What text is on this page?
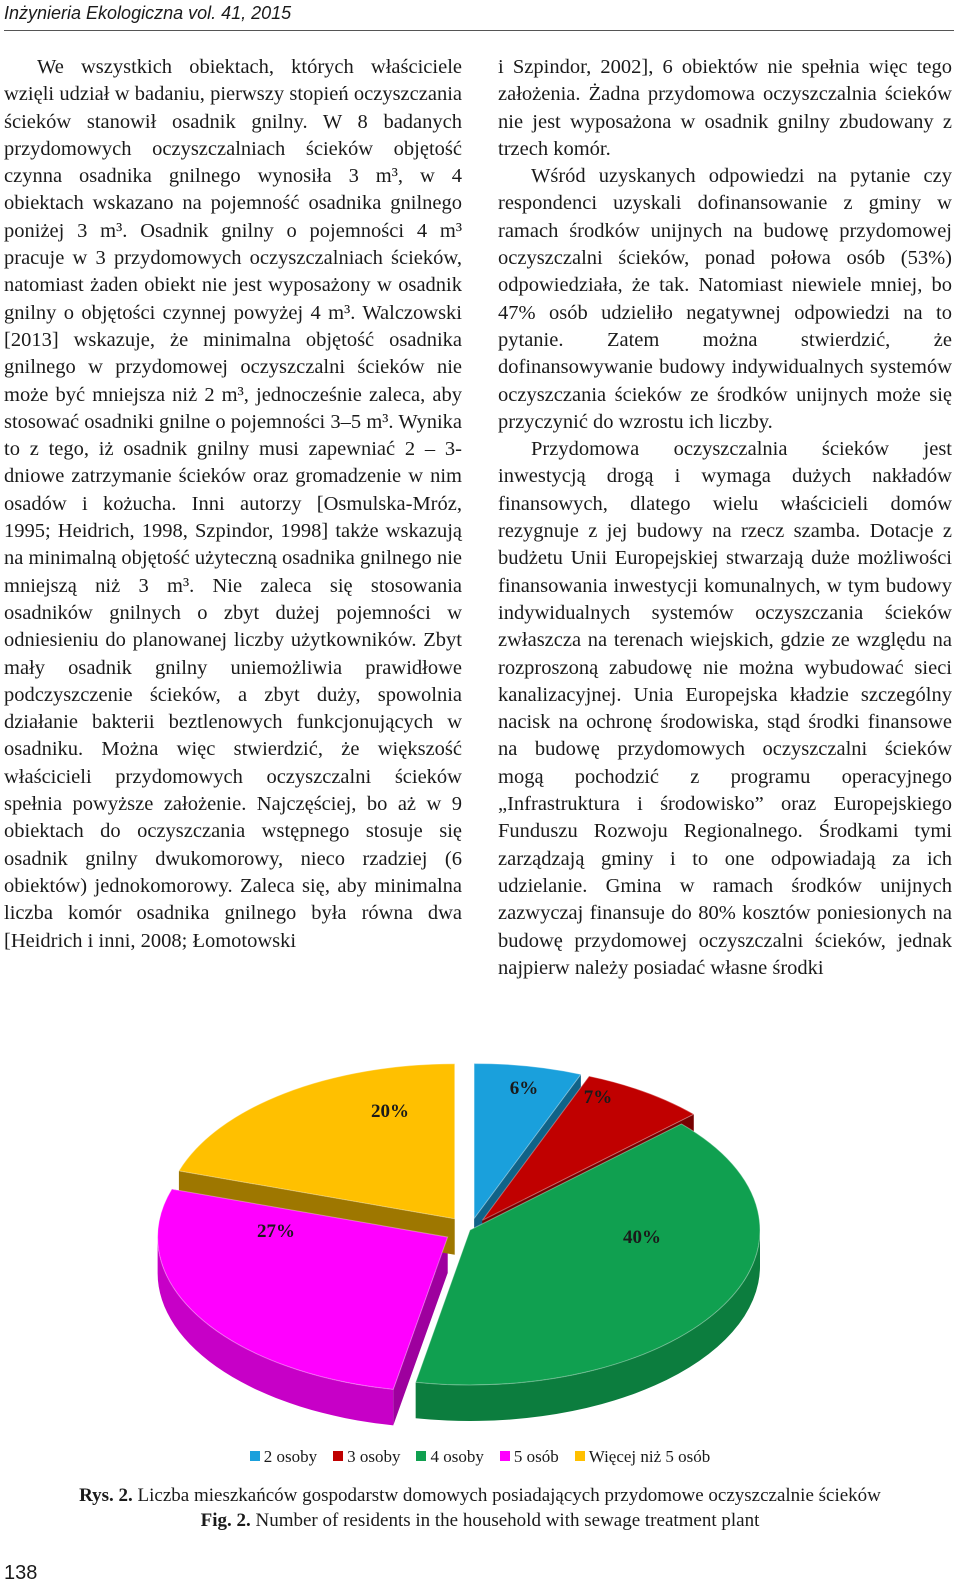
Inżynieria Ekologiczna vol. 41, 2015

We wszystkich obiektach, których właściciele wzięli udział w badaniu, pierwszy stopień oczyszczania ścieków stanowił osadnik gnilny. W 8 badanych przydomowych oczyszczalniach ścieków objętość czynna osadnika gnilnego wynosiła 3 m³, w 4 obiektach wskazano na pojemność osadnika gnilnego poniżej 3 m³. Osadnik gnilny o pojemności 4 m³ pracuje w 3 przydomowych oczyszczalniach ścieków, natomiast żaden obiekt nie jest wyposażony w osadnik gnilny o objętości czynnej powyżej 4 m³. Walczowski [2013] wskazuje, że minimalna objętość osadnika gnilnego w przydomowej oczyszczalni ścieków nie może być mniejsza niż 2 m³, jednocześnie zaleca, aby stosować osadniki gnilne o pojemności 3–5 m³. Wynika to z tego, iż osadnik gnilny musi zapewniać 2 – 3-dniowe zatrzymanie ścieków oraz gromadzenie w nim osadów i kożucha. Inni autorzy [Osmulska-Mróz, 1995; Heidrich, 1998, Szpindor, 1998] także wskazują na minimalną objętość użyteczną osadnika gnilnego nie mniejszą niż 3 m³. Nie zaleca się stosowania osadników gnilnych o zbyt dużej pojemności w odniesieniu do planowanej liczby użytkowników. Zbyt mały osadnik gnilny uniemożliwia prawidłowe podczyszczenie ścieków, a zbyt duży, spowolnia działanie bakterii beztlenowych funkcjonujących w osadniku. Można więc stwierdzić, że większość właścicieli przydomowych oczyszczalni ścieków spełnia powyższe założenie. Najczęściej, bo aż w 9 obiektach do oczyszczania wstępnego stosuje się osadnik gnilny dwukomorowy, nieco rzadziej (6 obiektów) jednokomorowy. Zaleca się, aby minimalna liczba komór osadnika gnilnego była równa dwa [Heidrich i inni, 2008; Łomotowski

i Szpindor, 2002], 6 obiektów nie spełnia więc tego założenia. Żadna przydomowa oczyszczalnia ścieków nie jest wyposażona w osadnik gnilny zbudowany z trzech komór.

Wśród uzyskanych odpowiedzi na pytanie czy respondenci uzyskali dofinansowanie z gminy w ramach środków unijnych na budowę przydomowej oczyszczalni ścieków, ponad połowa osób (53%) odpowiedziała, że tak. Natomiast niewiele mniej, bo 47% osób udzieliło negatywnej odpowiedzi na to pytanie. Zatem można stwierdzić, że dofinansowywanie budowy indywidualnych systemów oczyszczania ścieków ze środków unijnych może się przyczynić do wzrostu ich liczby.

Przydomowa oczyszczalnia ścieków jest inwestycją drogą i wymaga dużych nakładów finansowych, dlatego wielu właścicieli domów rezygnuje z jej budowy na rzecz szamba. Dotacje z budżetu Unii Europejskiej stwarzają duże możliwości finansowania inwestycji komunalnych, w tym budowy indywidualnych systemów oczyszczania ścieków zwłaszcza na terenach wiejskich, gdzie ze względu na rozproszoną zabudowę nie można wybudować sieci kanalizacyjnej. Unia Europejska kładzie szczególny nacisk na ochronę środowiska, stąd środki finansowe na budowę przydomowych oczyszczalni ścieków mogą pochodzić z programu operacyjnego „Infrastruktura i środowisko” oraz Europejskiego Funduszu Rozwoju Regionalnego. Środkami tymi zarządzają gminy i to one odpowiadają za ich udzielanie. Gmina w ramach środków unijnych zazwyczaj finansuje do 80% kosztów poniesionych na budowę przydomowej oczyszczalni ścieków, jednak najpierw należy posiadać własne środki

6% 7%
40%
27%
20%
2 osoby 3 osoby 4 osoby 5 osób Więcej niż 5 osób
Rys. 2. Liczba mieszkańców gospodarstw domowych posiadających przydomowe oczyszczalnie ścieków
Fig. 2. Number of residents in the household with sewage treatment plant
138
